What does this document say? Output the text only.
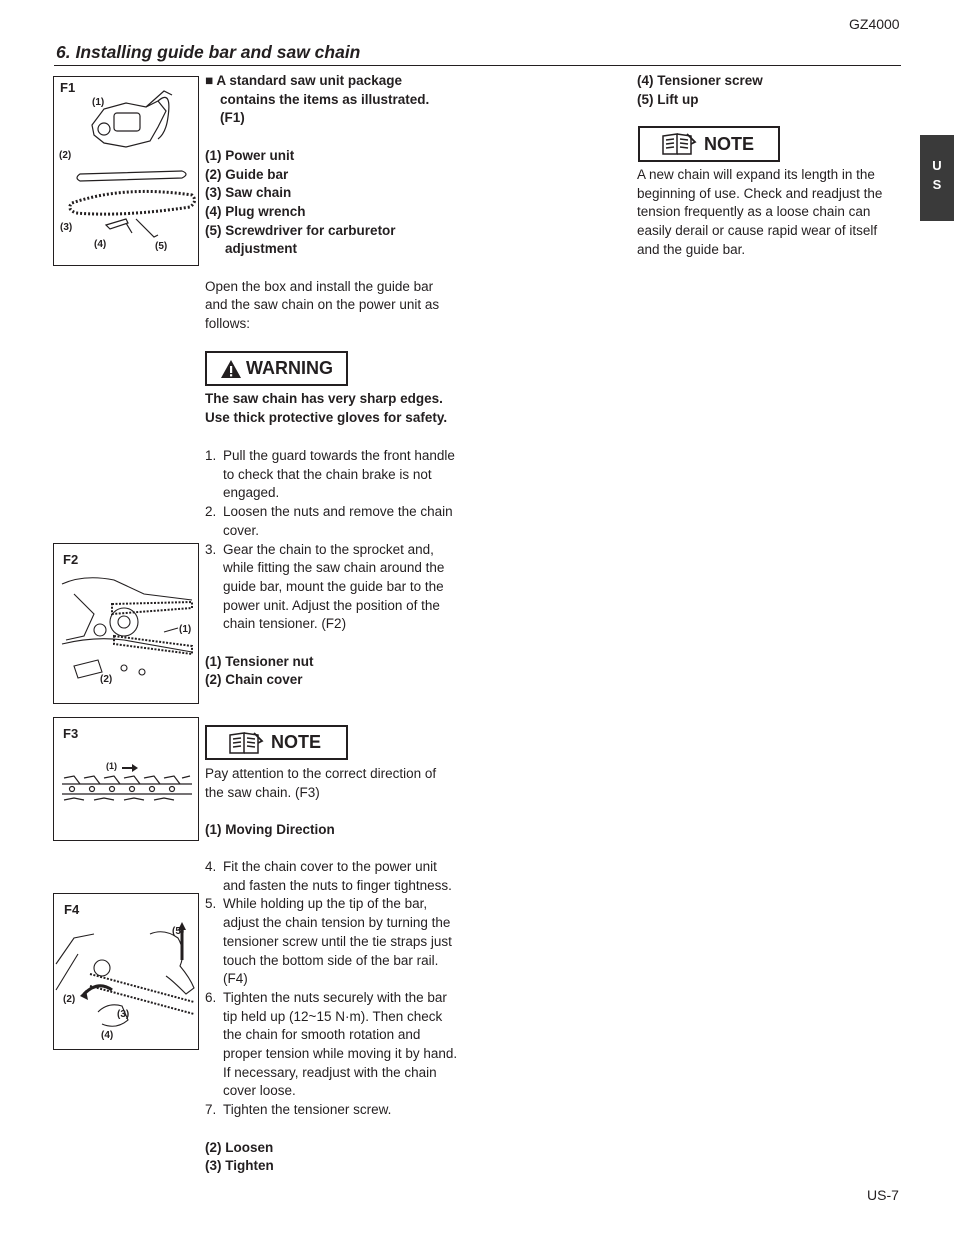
GZ4000
6. Installing guide bar and saw chain
U
S
F1
(1)
(2)
(3)
(4)	(5)
F2
(1)
(2)
F3
(1)
F4
(5)
(2)
(3)
(4)
■ A standard saw unit package
contains the items as illustrated.
(F1)
(1) Power unit
(2) Guide bar
(3) Saw chain
(4) Plug wrench
(5) Screwdriver for carburetor
adjustment
Open the box and install the guide bar
and the saw chain on the power unit as
follows:
WARNING
The saw chain has very sharp edges.
Use thick protective gloves for safety.
1. Pull the guard towards the front handle
to check that the chain brake is not
engaged.
2. Loosen the nuts and remove the chain
cover.
3. Gear the chain to the sprocket and,
while fitting the saw chain around the
guide bar, mount the guide bar to the
power unit. Adjust the position of the
chain tensioner. (F2)
(1) Tensioner nut
(2) Chain cover
NOTE
Pay attention to the correct direction of
the saw chain. (F3)
(1) Moving Direction
4. Fit the chain cover to the power unit
and fasten the nuts to finger tightness.
5. While holding up the tip of the bar,
adjust the chain tension by turning the
tensioner screw until the tie straps just
touch the bottom side of the bar rail.
(F4)
6. Tighten the nuts securely with the bar
tip held up (12~15 N·m). Then check
the chain for smooth rotation and
proper tension while moving it by hand.
If necessary, readjust with the chain
cover loose.
7. Tighten the tensioner screw.
(2) Loosen
(3) Tighten
(4) Tensioner screw
(5) Lift up
NOTE
A new chain will expand its length in the
beginning of use. Check and readjust the
tension frequently as a loose chain can
easily derail or cause rapid wear of itself
and the guide bar.
US-7
